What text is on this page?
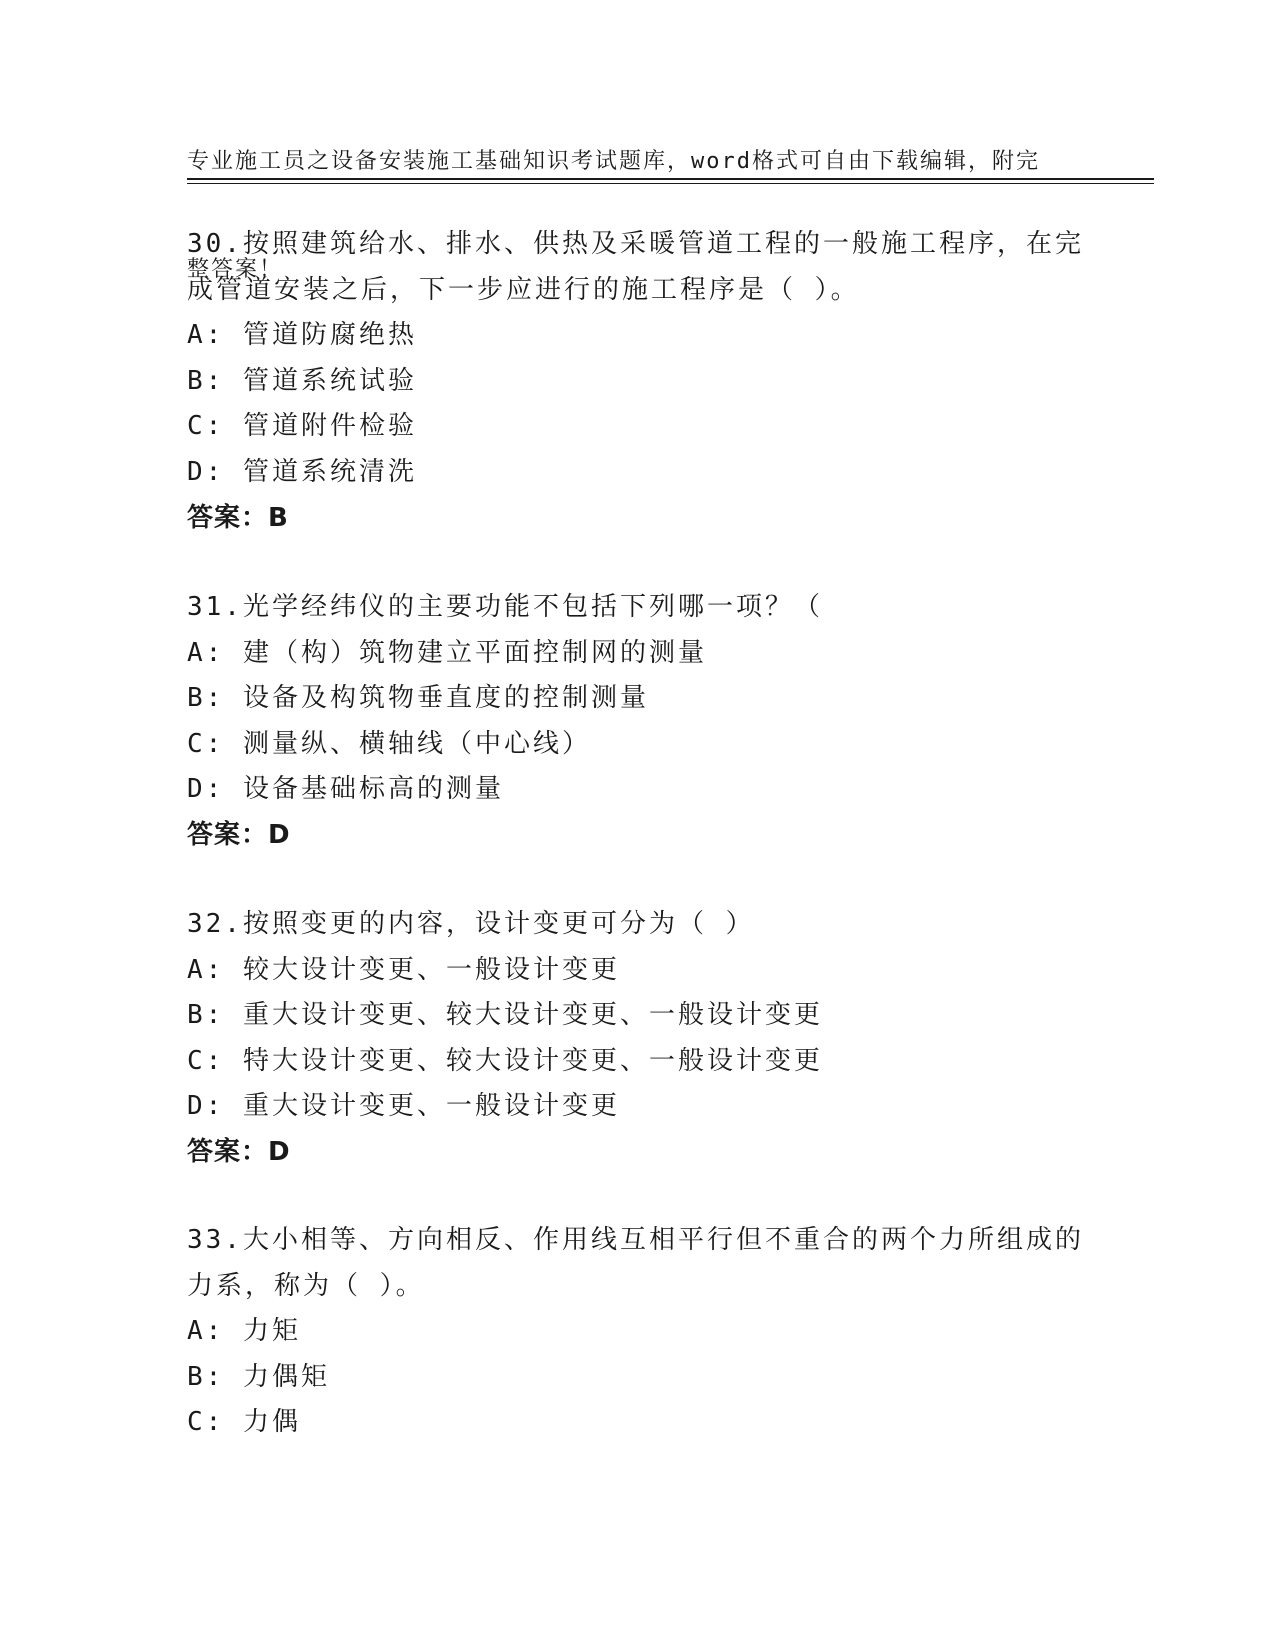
专业施工员之设备安装施工基础知识考试题库，word格式可自由下载编辑，附完

整答案！

30.按照建筑给水、排水、供热及采暖管道工程的一般施工程序，在完
成管道安装之后，下一步应进行的施工程序是（ ）。
A: 管道防腐绝热
B: 管道系统试验
C: 管道附件检验
D: 管道系统清洗
答案：B
31.光学经纬仪的主要功能不包括下列哪一项？（
A: 建（构）筑物建立平面控制网的测量
B: 设备及构筑物垂直度的控制测量
C: 测量纵、横轴线（中心线）
D: 设备基础标高的测量
答案：D
32.按照变更的内容，设计变更可分为（ ）
A: 较大设计变更、一般设计变更
B: 重大设计变更、较大设计变更、一般设计变更
C: 特大设计变更、较大设计变更、一般设计变更
D: 重大设计变更、一般设计变更
答案：D
33.大小相等、方向相反、作用线互相平行但不重合的两个力所组成的
力系，称为（ ）。
A: 力矩
B: 力偶矩
C: 力偶
